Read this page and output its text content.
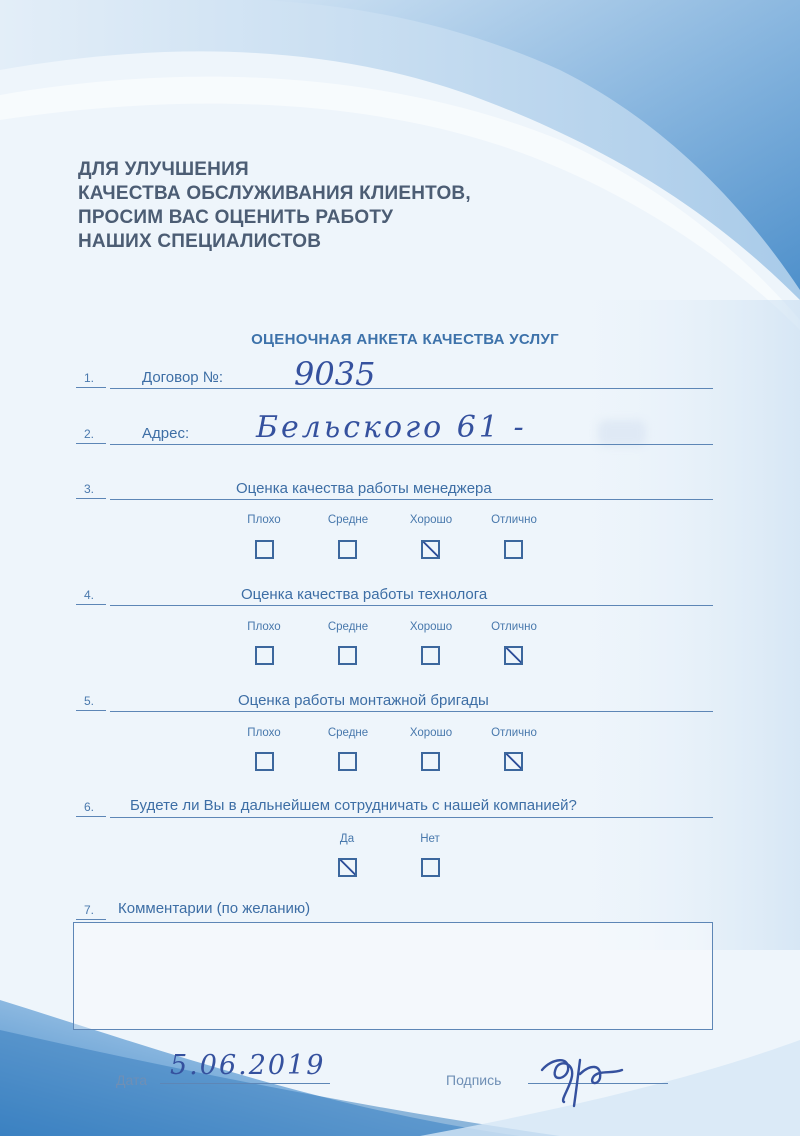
ДЛЯ УЛУЧШЕНИЯ
КАЧЕСТВА ОБСЛУЖИВАНИЯ КЛИЕНТОВ,
ПРОСИМ ВАС ОЦЕНИТЬ РАБОТУ
НАШИХ СПЕЦИАЛИСТОВ
ОЦЕНОЧНАЯ АНКЕТА КАЧЕСТВА УСЛУГ
1.	Договор №: 9035
2.	Адрес: Бельского 61 -
3.	Оценка качества работы менеджера
Плохо	Средне	Хорошо	Отлично
4.	Оценка качества работы технолога
Плохо	Средне	Хорошо	Отлично
5.	Оценка работы монтажной бригады
Плохо	Средне	Хорошо	Отлично
6. Будете ли Вы в дальнейшем сотрудничать с нашей компанией?
Да	Нет
7. Комментарии (по желанию)
Дата 5.06.2019	Подпись
